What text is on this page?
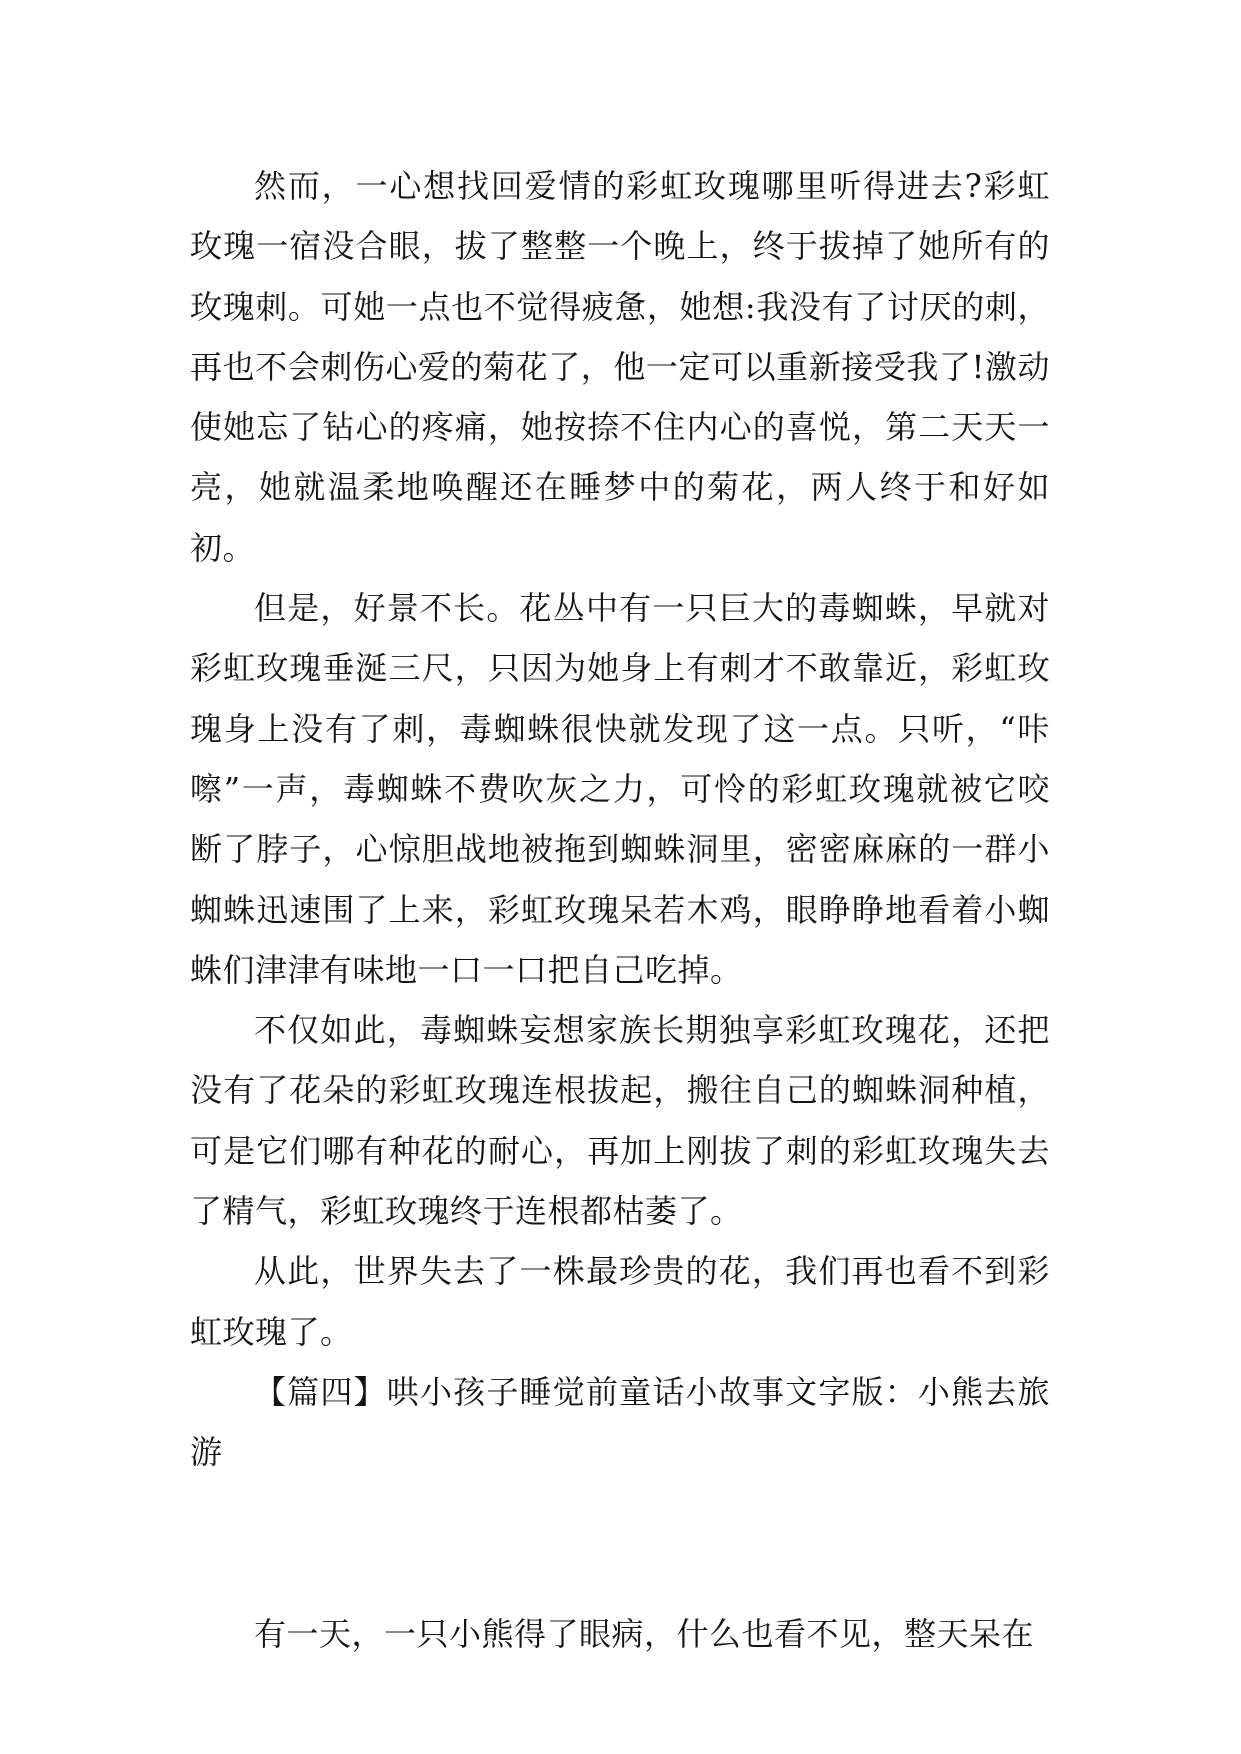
然而，一心想找回爱情的彩虹玫瑰哪里听得进去?彩虹玫瑰一宿没合眼，拔了整整一个晚上，终于拔掉了她所有的玫瑰刺。可她一点也不觉得疲惫，她想:我没有了讨厌的刺，再也不会刺伤心爱的菊花了，他一定可以重新接受我了!激动使她忘了钻心的疼痛，她按捺不住内心的喜悦，第二天天一亮，她就温柔地唤醒还在睡梦中的菊花，两人终于和好如初。

但是，好景不长。花丛中有一只巨大的毒蜘蛛，早就对彩虹玫瑰垂涎三尺，只因为她身上有刺才不敢靠近，彩虹玫瑰身上没有了刺，毒蜘蛛很快就发现了这一点。只听，“咔嚓”一声，毒蜘蛛不费吹灰之力，可怜的彩虹玫瑰就被它咬断了脖子，心惊胆战地被拖到蜘蛛洞里，密密麻麻的一群小蜘蛛迅速围了上来，彩虹玫瑰呆若木鸡，眼睁睁地看着小蜘蛛们津津有味地一口一口把自己吃掉。

不仅如此，毒蜘蛛妄想家族长期独享彩虹玫瑰花，还把没有了花朵的彩虹玫瑰连根拔起，搬往自己的蜘蛛洞种植，可是它们哪有种花的耐心，再加上刚拔了刺的彩虹玫瑰失去了精气，彩虹玫瑰终于连根都枯萎了。

从此，世界失去了一株最珍贵的花，我们再也看不到彩虹玫瑰了。

【篇四】哄小孩子睡觉前童话小故事文字版：小熊去旅游

有一天，一只小熊得了眼病，什么也看不见，整天呆在
